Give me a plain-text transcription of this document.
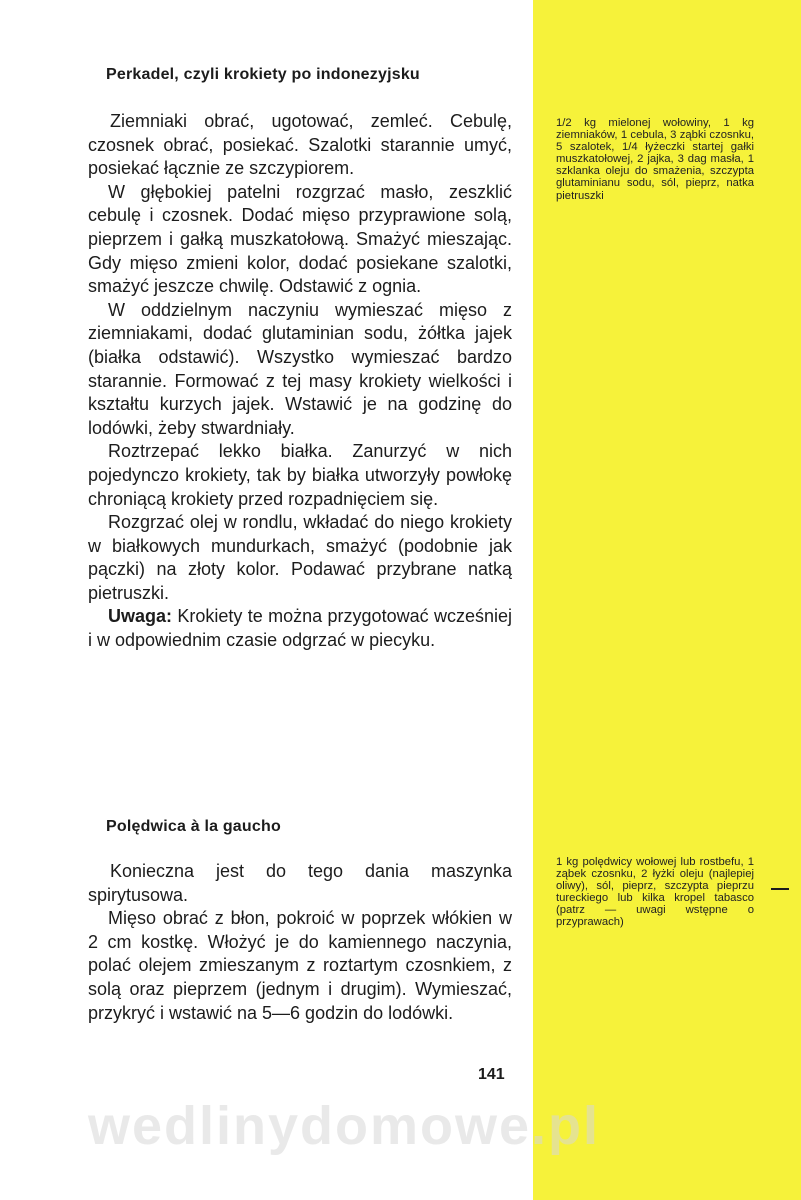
Perkadel, czyli krokiety po indonezyjsku

Ziemniaki obrać, ugotować, zemleć. Cebulę, czosnek obrać, posiekać. Szalotki starannie umyć, posiekać łącznie ze szczypiorem.

W głębokiej patelni rozgrzać masło, zeszklić cebulę i czosnek. Dodać mięso przyprawione solą, pieprzem i gałką muszkatołową. Smażyć mieszając. Gdy mięso zmieni kolor, dodać posiekane szalotki, smażyć jeszcze chwilę. Odstawić z ognia.

W oddzielnym naczyniu wymieszać mięso z ziemniakami, dodać glutaminian sodu, żółtka jajek (białka odstawić). Wszystko wymieszać bardzo starannie. Formować z tej masy krokiety wielkości i kształtu kurzych jajek. Wstawić je na godzinę do lodówki, żeby stwardniały.

Roztrzepać lekko białka. Zanurzyć w nich pojedynczo krokiety, tak by białka utworzyły powłokę chroniącą krokiety przed rozpadnięciem się.

Rozgrzać olej w rondlu, wkładać do niego krokiety w białkowych mundurkach, smażyć (podobnie jak pączki) na złoty kolor. Podawać przybrane natką pietruszki.

Uwaga: Krokiety te można przygotować wcześniej i w odpowiednim czasie odgrzać w piecyku.

1/2 kg mielonej wołowiny, 1 kg ziemniaków, 1 cebula, 3 ząbki czosnku, 5 szalotek, 1/4 łyżeczki startej gałki muszkatołowej, 2 jajka, 3 dag masła, 1 szklanka oleju do smażenia, szczypta glutaminianu sodu, sól, pieprz, natka pietruszki
Polędwica à la gaucho

Konieczna jest do tego dania maszynka spirytusowa.

Mięso obrać z błon, pokroić w poprzek włókien w 2 cm kostkę. Włożyć je do kamiennego naczynia, polać olejem zmieszanym z roztartym czosnkiem, z solą oraz pieprzem (jednym i drugim). Wymieszać, przykryć i wstawić na 5—6 godzin do lodówki.

1 kg polędwicy wołowej lub rostbefu, 1 ząbek czosnku, 2 łyżki oleju (najlepiej oliwy), sól, pieprz, szczypta pieprzu tureckiego lub kilka kropel tabasco (patrz — uwagi wstępne o przyprawach)
141
wedlinydomowe.pl
